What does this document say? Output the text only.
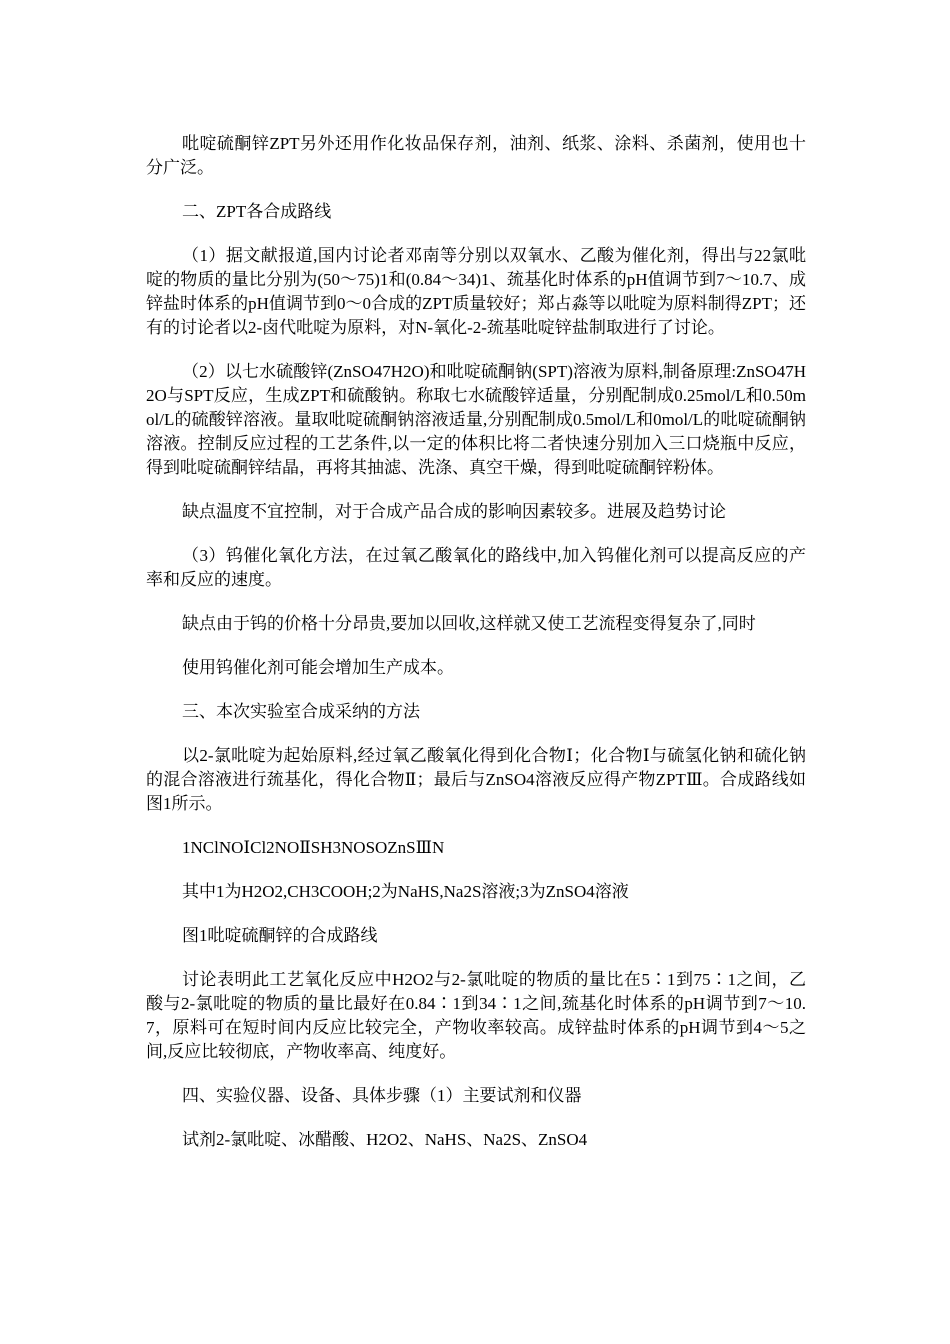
吡啶硫酮锌ZPT另外还用作化妆品保存剂，油剂、纸浆、涂料、杀菌剂，使用也十分广泛。

二、ZPT各合成路线

（1）据文献报道,国内讨论者邓南等分别以双氧水、乙酸为催化剂，得出与22氯吡啶的物质的量比分别为(50～75)1和(0.84～34)1、巯基化时体系的pH值调节到7～10.7、成锌盐时体系的pH值调节到0～0合成的ZPT质量较好；郑占淼等以吡啶为原料制得ZPT；还有的讨论者以2-卤代吡啶为原料，对N-氧化-2-巯基吡啶锌盐制取进行了讨论。

（2）以七水硫酸锌(ZnSO47H2O)和吡啶硫酮钠(SPT)溶液为原料,制备原理:ZnSO47H2O与SPT反应，生成ZPT和硫酸钠。称取七水硫酸锌适量，分别配制成0.25mol/L和0.50mol/L的硫酸锌溶液。量取吡啶硫酮钠溶液适量,分别配制成0.5mol/L和0mol/L的吡啶硫酮钠溶液。控制反应过程的工艺条件,以一定的体积比将二者快速分别加入三口烧瓶中反应，得到吡啶硫酮锌结晶，再将其抽滤、洗涤、真空干燥，得到吡啶硫酮锌粉体。

缺点温度不宜控制，对于合成产品合成的影响因素较多。进展及趋势讨论

（3）钨催化氧化方法，在过氧乙酸氧化的路线中,加入钨催化剂可以提高反应的产率和反应的速度。

缺点由于钨的价格十分昂贵,要加以回收,这样就又使工艺流程变得复杂了,同时

使用钨催化剂可能会增加生产成本。

三、本次实验室合成采纳的方法

以2-氯吡啶为起始原料,经过氧乙酸氧化得到化合物Ⅰ；化合物Ⅰ与硫氢化钠和硫化钠的混合溶液进行巯基化，得化合物Ⅱ；最后与ZnSO4溶液反应得产物ZPTⅢ。合成路线如图1所示。

1NClNOⅠCl2NOⅡSH3NOSOZnSⅢN

其中1为H2O2,CH3COOH;2为NaHS,Na2S溶液;3为ZnSO4溶液

图1吡啶硫酮锌的合成路线

讨论表明此工艺氧化反应中H2O2与2-氯吡啶的物质的量比在5∶1到75∶1之间，乙酸与2-氯吡啶的物质的量比最好在0.84∶1到34∶1之间,巯基化时体系的pH调节到7～10.7，原料可在短时间内反应比较完全，产物收率较高。成锌盐时体系的pH调节到4～5之间,反应比较彻底，产物收率高、纯度好。

四、实验仪器、设备、具体步骤（1）主要试剂和仪器

试剂2-氯吡啶、冰醋酸、H2O2、NaHS、Na2S、ZnSO4
